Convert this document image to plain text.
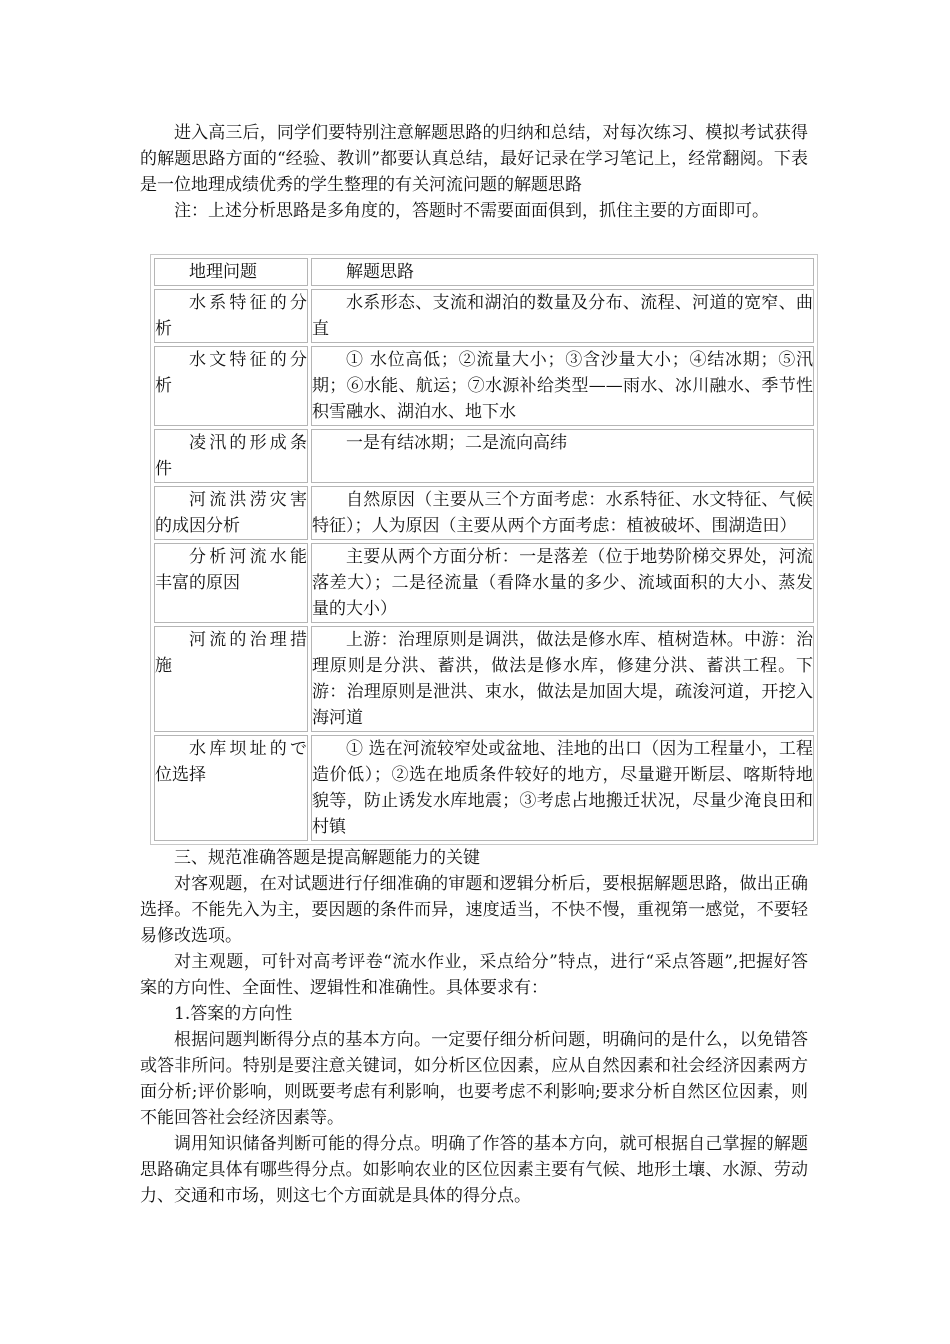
进入高三后，同学们要特别注意解题思路的归纳和总结，对每次练习、模拟考试获得的解题思路方面的“经验、教训”都要认真总结，最好记录在学习笔记上，经常翻阅。下表是一位地理成绩优秀的学生整理的有关河流问题的解题思路

注：上述分析思路是多角度的，答题时不需要面面俱到，抓住主要的方面即可。

地理问题	解题思路
水系特征的分析	水系形态、支流和湖泊的数量及分布、流程、河道的宽窄、曲直
水文特征的分析	① 水位高低；②流量大小；③含沙量大小；④结冰期；⑤汛期；⑥水能、航运；⑦水源补给类型——雨水、冰川融水、季节性积雪融水、湖泊水、地下水
凌汛的形成条件	一是有结冰期；二是流向高纬
河流洪涝灾害的成因分析	自然原因（主要从三个方面考虑：水系特征、水文特征、气候特征）；人为原因（主要从两个方面考虑：植被破坏、围湖造田）
分析河流水能丰富的原因	主要从两个方面分析：一是落差（位于地势阶梯交界处，河流落差大）；二是径流量（看降水量的多少、流域面积的大小、蒸发量的大小）
河流的治理措施	上游：治理原则是调洪，做法是修水库、植树造林。中游：治理原则是分洪、蓄洪，做法是修水库，修建分洪、蓄洪工程。下游：治理原则是泄洪、束水，做法是加固大堤，疏浚河道，开挖入海河道
水库坝址的で位选择	① 选在河流较窄处或盆地、洼地的出口（因为工程量小，工程造价低）；②选在地质条件较好的地方，尽量避开断层、喀斯特地貌等，防止诱发水库地震；③考虑占地搬迁状况，尽量少淹良田和村镇

三、规范准确答题是提高解题能力的关键

对客观题，在对试题进行仔细准确的审题和逻辑分析后，要根据解题思路，做出正确选择。不能先入为主，要因题的条件而异，速度适当，不快不慢，重视第一感觉，不要轻易修改选项。

对主观题，可针对高考评卷“流水作业，采点给分”特点，进行“采点答题”,把握好答案的方向性、全面性、逻辑性和准确性。具体要求有：

1.答案的方向性

根据问题判断得分点的基本方向。一定要仔细分析问题，明确问的是什么，以免错答或答非所问。特别是要注意关键词，如分析区位因素，应从自然因素和社会经济因素两方面分析;评价影响，则既要考虑有利影响，也要考虑不利影响;要求分析自然区位因素，则不能回答社会经济因素等。

调用知识储备判断可能的得分点。明确了作答的基本方向，就可根据自己掌握的解题思路确定具体有哪些得分点。如影响农业的区位因素主要有气候、地形土壤、水源、劳动力、交通和市场，则这七个方面就是具体的得分点。
